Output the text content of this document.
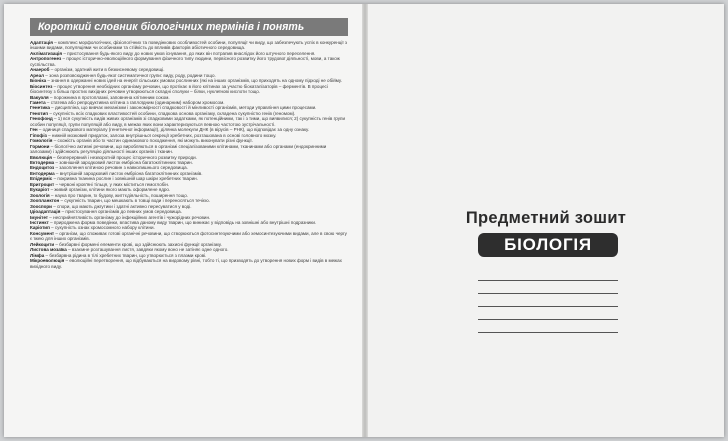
Короткий словник біологічних термінів і понять

Адаптація – комплекс морфологічних, фізіологічних та поведінкових особливостей особини, популяції чи виду, що забезпечують успіх в конкуренції з іншими видами, популяціями чи особинами та стійкість до впливів факторів абіотичного середовища.

Акліматизація – пристосування будь-якого виду до нових умов існування, до яких він потрапив внаслідок його штучного переселення.

Антропогенез – процес історично-еволюційного формування фізичного типу людини, первісного розвитку його трудової діяльності, мови, а також суспільства.

Анаероб – організм, здатний жити в безкисневому середовищі.

Ареал – зона розповсюдження будь-якої систематичної групи: виду, роду, родини тощо.

Біоніка – знання в одержанні нових ідей на енергії сільських умовах рослинних (які на інших організмів, що приходять на одному підході не обійму.

Біосинтез – процес утворення необхідних організму речовин, що протікає в його клітинах за участю біокаталізаторів – ферментів. В процесі біосинтезу з більш простих вихідних речовин утворюються складні сполуки – білки, нуклеїнові кислоти тощо.

Вакуоля – порожнина в протоплазмі, заповнена клітинним соком.

Гамета – статева або репродуктивна клітина з гаплоїдним (одинарним) набором хромосом.

Генетика – дисципліна, що вивчає механізми і закономірності спадковості й мінливості організмів, методи управління цими процесами.

Генотип – сукупність всіх спадкових властивостей особини, спадкова основа організму, складена сукупністю генів (геномом).

Генофонд – 1) вся сукупність видів живих організмів зі спадковими задатками, як потенційними, так і з тими, що виявилися; 2) сукупність генів групи особин популяції, групи популяцій або виду, в межах яких вони характеризуються певною частотою зустрічальності.

Ген – одиниця спадкового матеріалу (генетичної інформації), ділянка молекули ДНК (в вірусів – РНК), що відповідає за одну ознаку.

Гіпофіз – нижній мозковий придаток, залоза внутрішньої секреції хребетних, розташована в основі головного мозку.

Гомологія – схожість органів або їх частин одинакового походження, які можуть виконувати різні функції.

Гормони – біологічно активні речовини, що виробляються в організмі спеціалізованими клітинами, тканинами або органами (ендокринними залозами) і здійснюють регуляцію діяльності інших органів і тканин.

Еволюція – безперервний і незворотній процес історичного розвитку природи.

Ектодерма – зовнішній зародковий листок ембріона багатоклітинних тварин.

Ендоцитоз – захоплення клітиною речовин з навколишнього середовища.

Ентодерма – внутрішній зародковий листок ембріона багатоклітинних організмів.

Епідерміс – покривна тканина рослин і зовнішній шар шкіри хребетних тварин.

Еритроцит – червоні кров'яні тільця, у яких міститься гемоглобін.

Еукаріот – живий організм, клітини якого мають оформлене ядро.

Зоологія – наука про тварин, їх будову, життєдіяльність, поширення тощо.

Зоопланктон – сукупність тварин, що мешкають в товщі води і переносяться течією.

Зооспори – спори, що мають джгутики і здатні активно пересуватися у воді.

Ідіоадаптація – пристосування організмів до певних умов середовища.

Імунітет – несприйнятливість організму до інфекційних агентів і чужорідних речовин.

Інстинкт – природжена форма поведінки, властива даному виду тварин, що виникає у відповідь на зовнішні або внутрішні подразники.

Каріотип – сукупність ознак хромосомного набору клітини.

Консумент – організм, що споживає готові органічні речовини, що створюються фотосинтезуючими або хемосинтезуючими видами, але в свою чергу є їжею для інших організмів.

Лейкоцити – безбарвні формені елементи крові, що здійснюють захисні функції організму.

Листова мозаїка – взаємне розташування листя, завдяки якому воно не затіняє одне одного.

Лімфа – безбарвна рідина в тілі хребетних тварин, що утворюється з плазми крові.

Мікроеволюція – еволюційні перетворення, що відбуваються на видовому рівні, тобто ті, що призводять до утворення нових форм і видів в межах вихідного виду.

Предметний зошит
БІОЛОГІЯ
